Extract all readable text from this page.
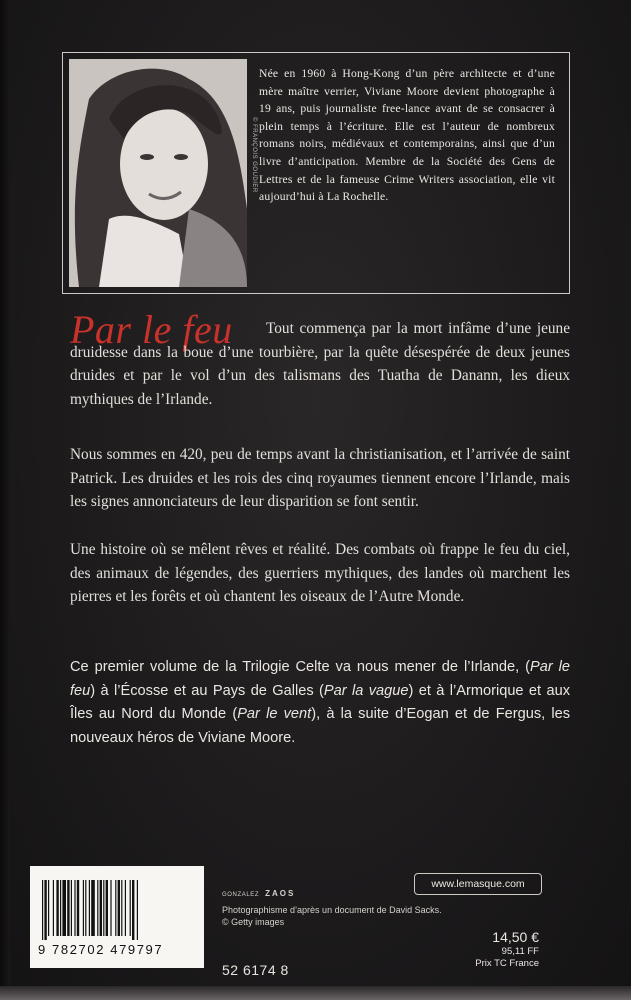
© FRANÇOIS GOUDIER
Née en 1960 à Hong-Kong d’un père architecte et d’une mère maître verrier, Viviane Moore devient photographe à 19 ans, puis journaliste free-lance avant de se consacrer à plein temps à l’écriture. Elle est l’auteur de nombreux romans noirs, médiévaux et contemporains, ainsi que d’un livre d’anticipation. Membre de la Société des Gens de Lettres et de la fameuse Crime Writers association, elle vit aujourd’hui à La Rochelle.
Par le feu	Tout commença par la mort infâme d’une jeune druidesse dans la boue d’une tourbière, par la quête désespérée de deux jeunes druides et par le vol d’un des talismans des Tuatha de Danann, les dieux mythiques de l’Irlande.
Nous sommes en 420, peu de temps avant la christianisation, et l’arrivée de saint Patrick. Les druides et les rois des cinq royaumes tiennent encore l’Irlande, mais les signes annonciateurs de leur disparition se font sentir.
Une histoire où se mêlent rêves et réalité. Des combats où frappe le feu du ciel, des animaux de légendes, des guerriers mythiques, des landes où marchent les pierres et les forêts et où chantent les oiseaux de l’Autre Monde.
Ce premier volume de la Trilogie Celte va nous mener de l’Irlande, (Par le feu) à l’Écosse et au Pays de Galles (Par la vague) et à l’Armorique et aux Îles au Nord du Monde (Par le vent), à la suite d’Eogan et de Fergus, les nouveaux héros de Viviane Moore.
9 782702 479797
GONZALEZ ZAOS
Photographisme d’après un document de David Sacks. © Getty images
52 6174 8
www.lemasque.com
14,50 €
95,11 FF
Prix TC France
